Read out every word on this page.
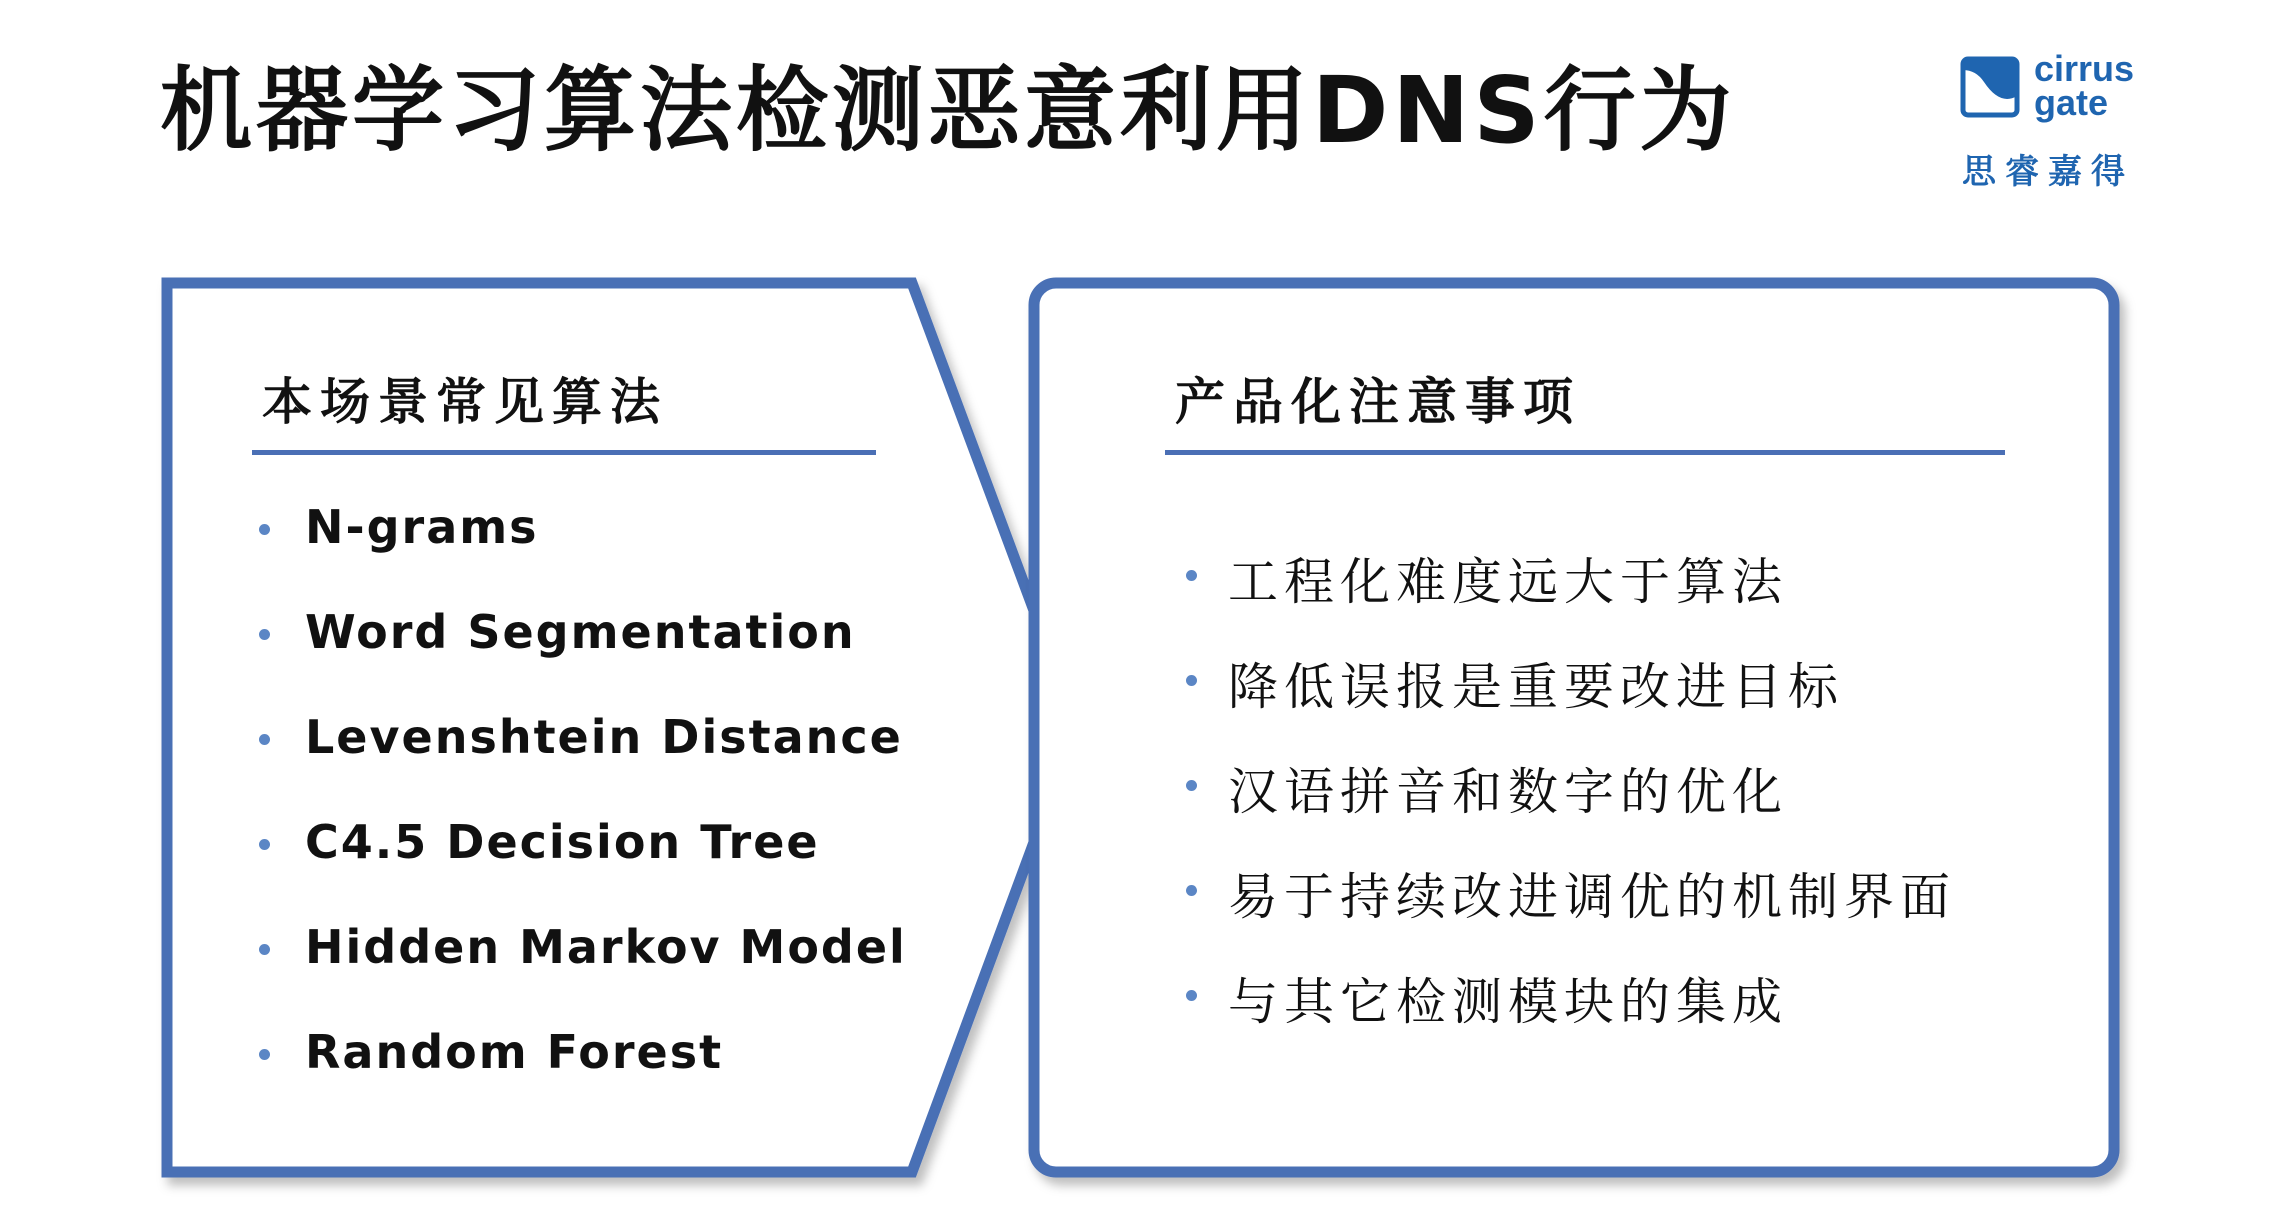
机器学习算法检测恶意利用DNS行为	cirrus
gate
思睿嘉得
本场景常见算法
N-grams
Word Segmentation
Levenshtein Distance
C4.5 Decision Tree
Hidden Markov Model
Random Forest
产品化注意事项
工程化难度远大于算法
降低误报是重要改进目标
汉语拼音和数字的优化
易于持续改进调优的机制界面
与其它检测模块的集成
